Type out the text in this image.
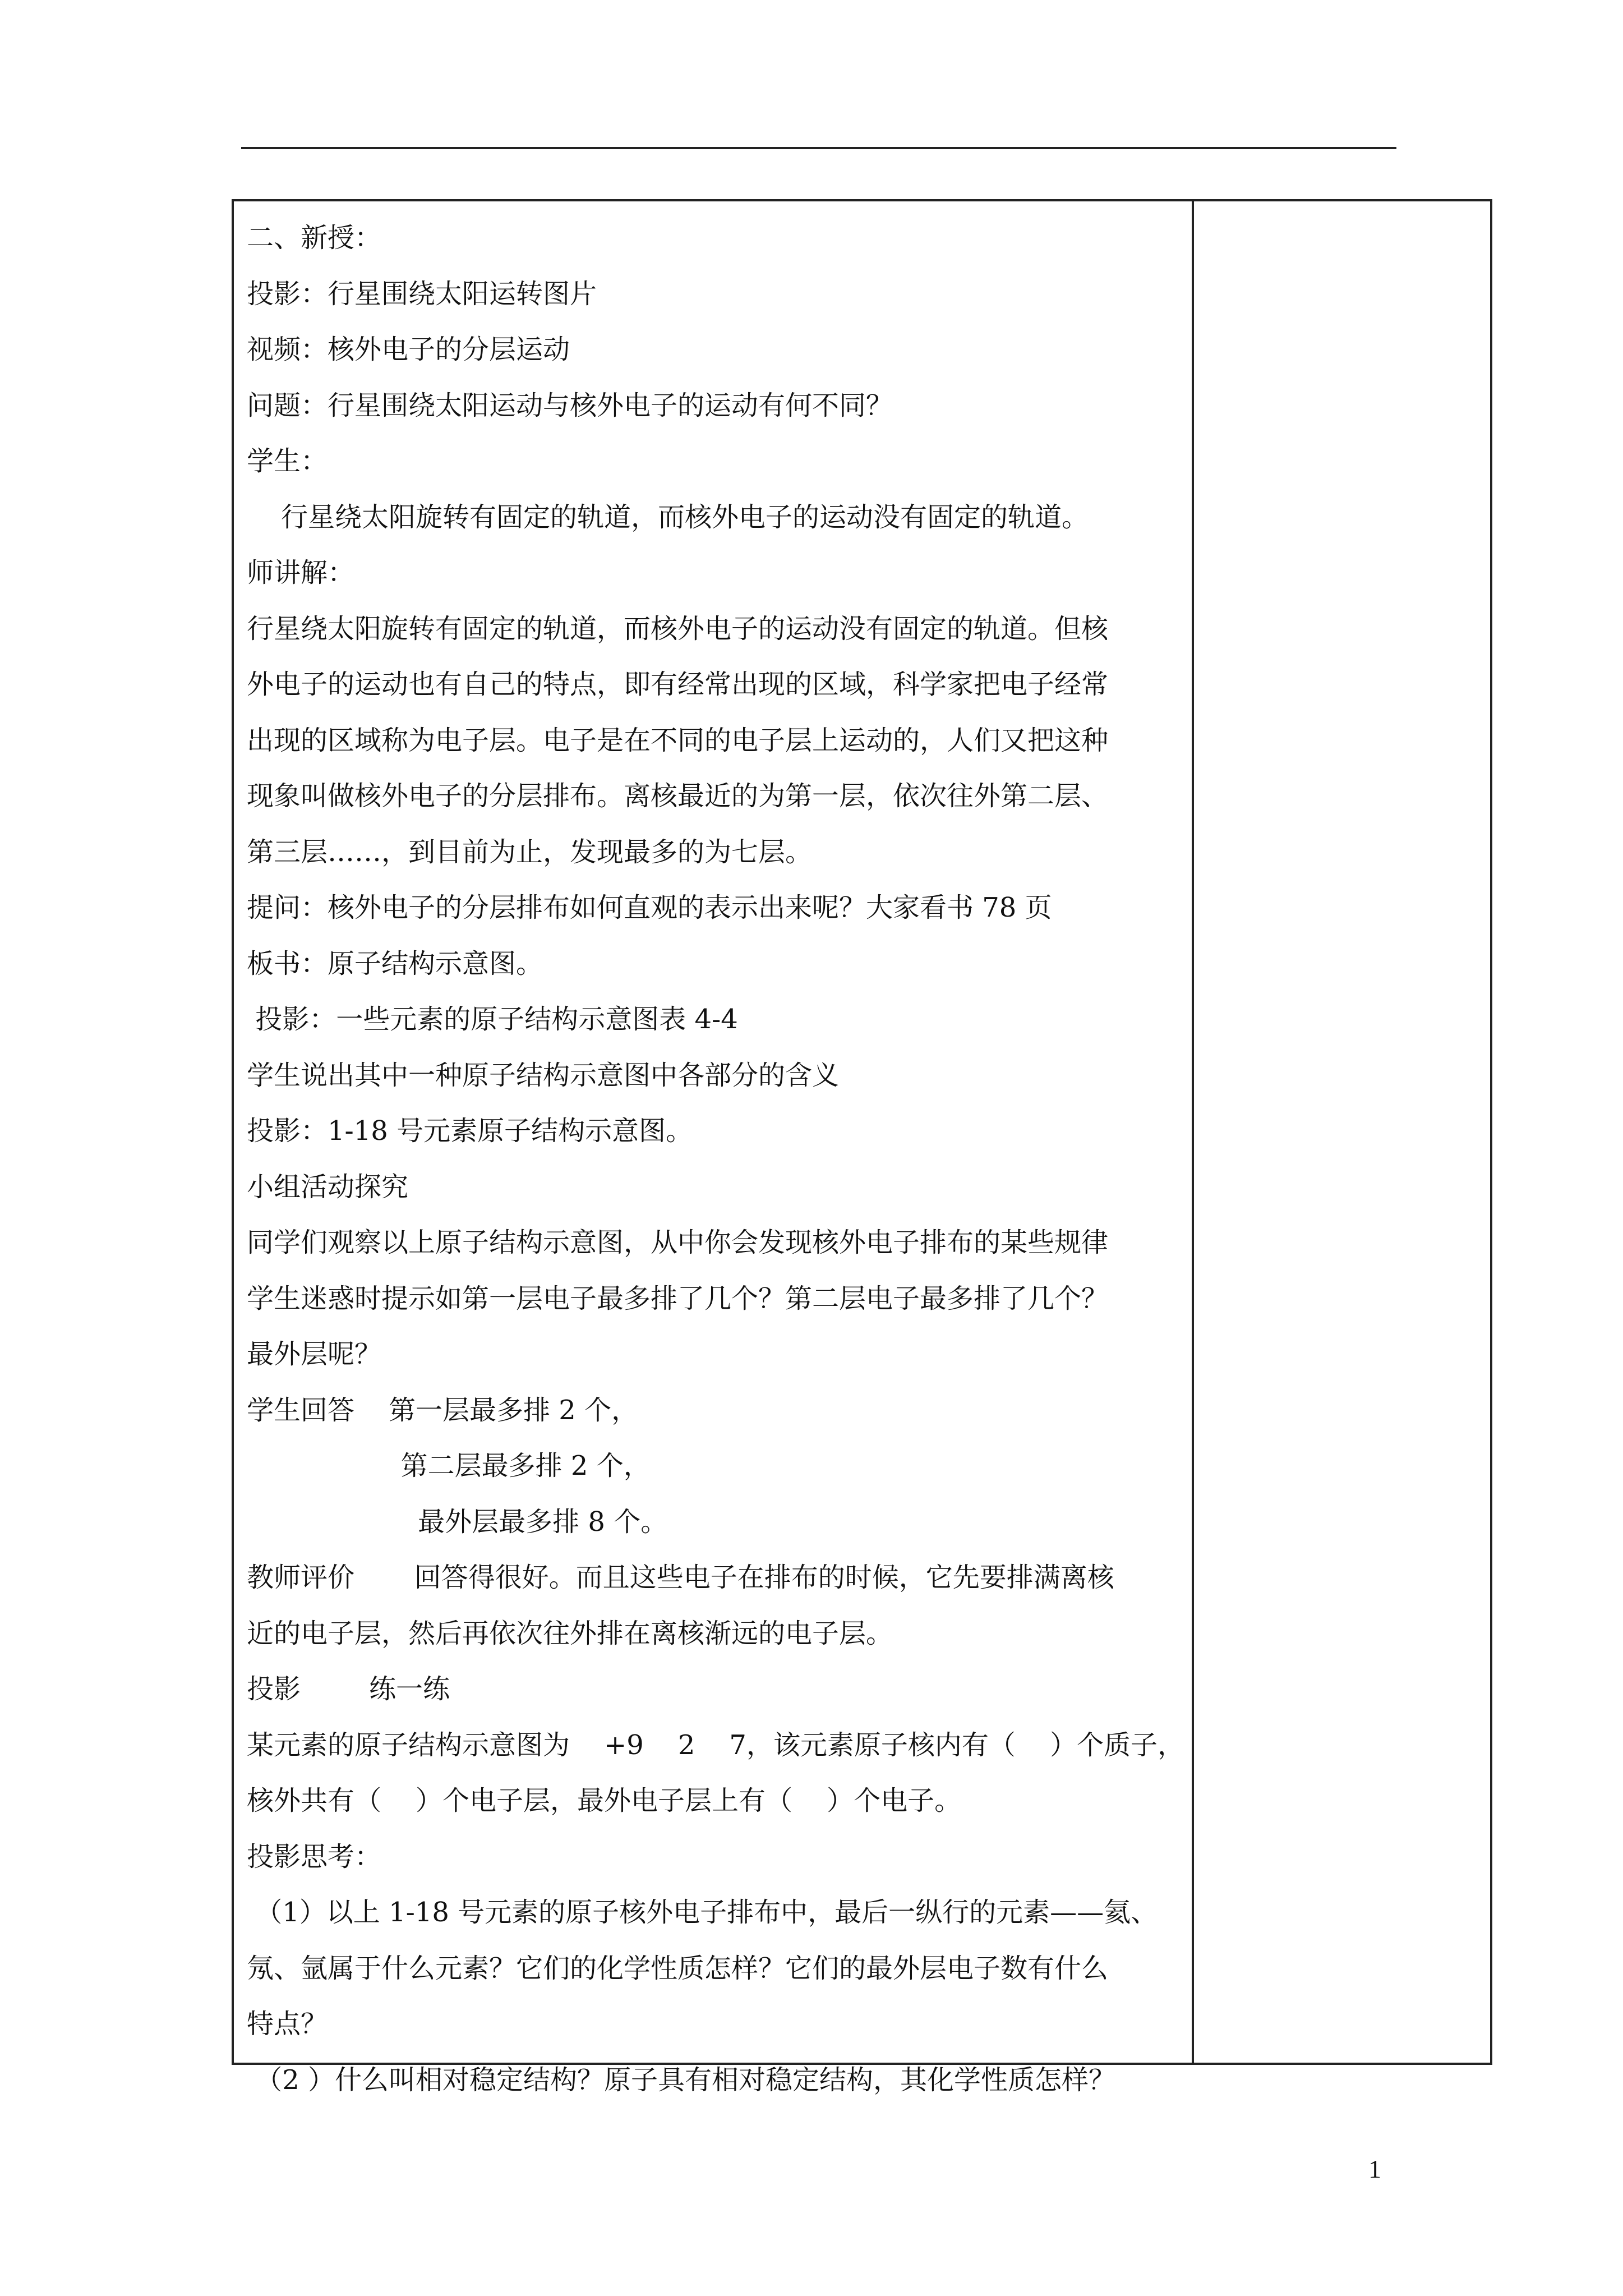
二、新授：

投影：行星围绕太阳运转图片

视频：核外电子的分层运动

问题：行星围绕太阳运动与核外电子的运动有何不同？

学生：

行星绕太阳旋转有固定的轨道，而核外电子的运动没有固定的轨道。

师讲解：

行星绕太阳旋转有固定的轨道，而核外电子的运动没有固定的轨道。但核

外电子的运动也有自己的特点，即有经常出现的区域，科学家把电子经常

出现的区域称为电子层。电子是在不同的电子层上运动的，人们又把这种

现象叫做核外电子的分层排布。离核最近的为第一层，依次往外第二层、

第三层……，到目前为止，发现最多的为七层。

提问：核外电子的分层排布如何直观的表示出来呢？大家看书 78 页

板书：原子结构示意图。

投影：一些元素的原子结构示意图表 4-4

学生说出其中一种原子结构示意图中各部分的含义

投影：1-18 号元素原子结构示意图。

小组活动探究

同学们观察以上原子结构示意图，从中你会发现核外电子排布的某些规律

学生迷惑时提示如第一层电子最多排了几个？第二层电子最多排了几个？

最外层呢？

学生回答    第一层最多排 2 个，

第二层最多排 2 个，

最外层最多排 8 个。

教师评价       回答得很好。而且这些电子在排布的时候，它先要排满离核

近的电子层，然后再依次往外排在离核渐远的电子层。

投影        练一练

某元素的原子结构示意图为    +9    2    7，该元素原子核内有（    ）个质子，

核外共有（    ）个电子层，最外电子层上有（    ）个电子。

投影思考：

（1）以上 1-18 号元素的原子核外电子排布中，最后一纵行的元素——氦、

氖、氩属于什么元素？它们的化学性质怎样？它们的最外层电子数有什么

特点？

（2 ）什么叫相对稳定结构？原子具有相对稳定结构，其化学性质怎样？

1
